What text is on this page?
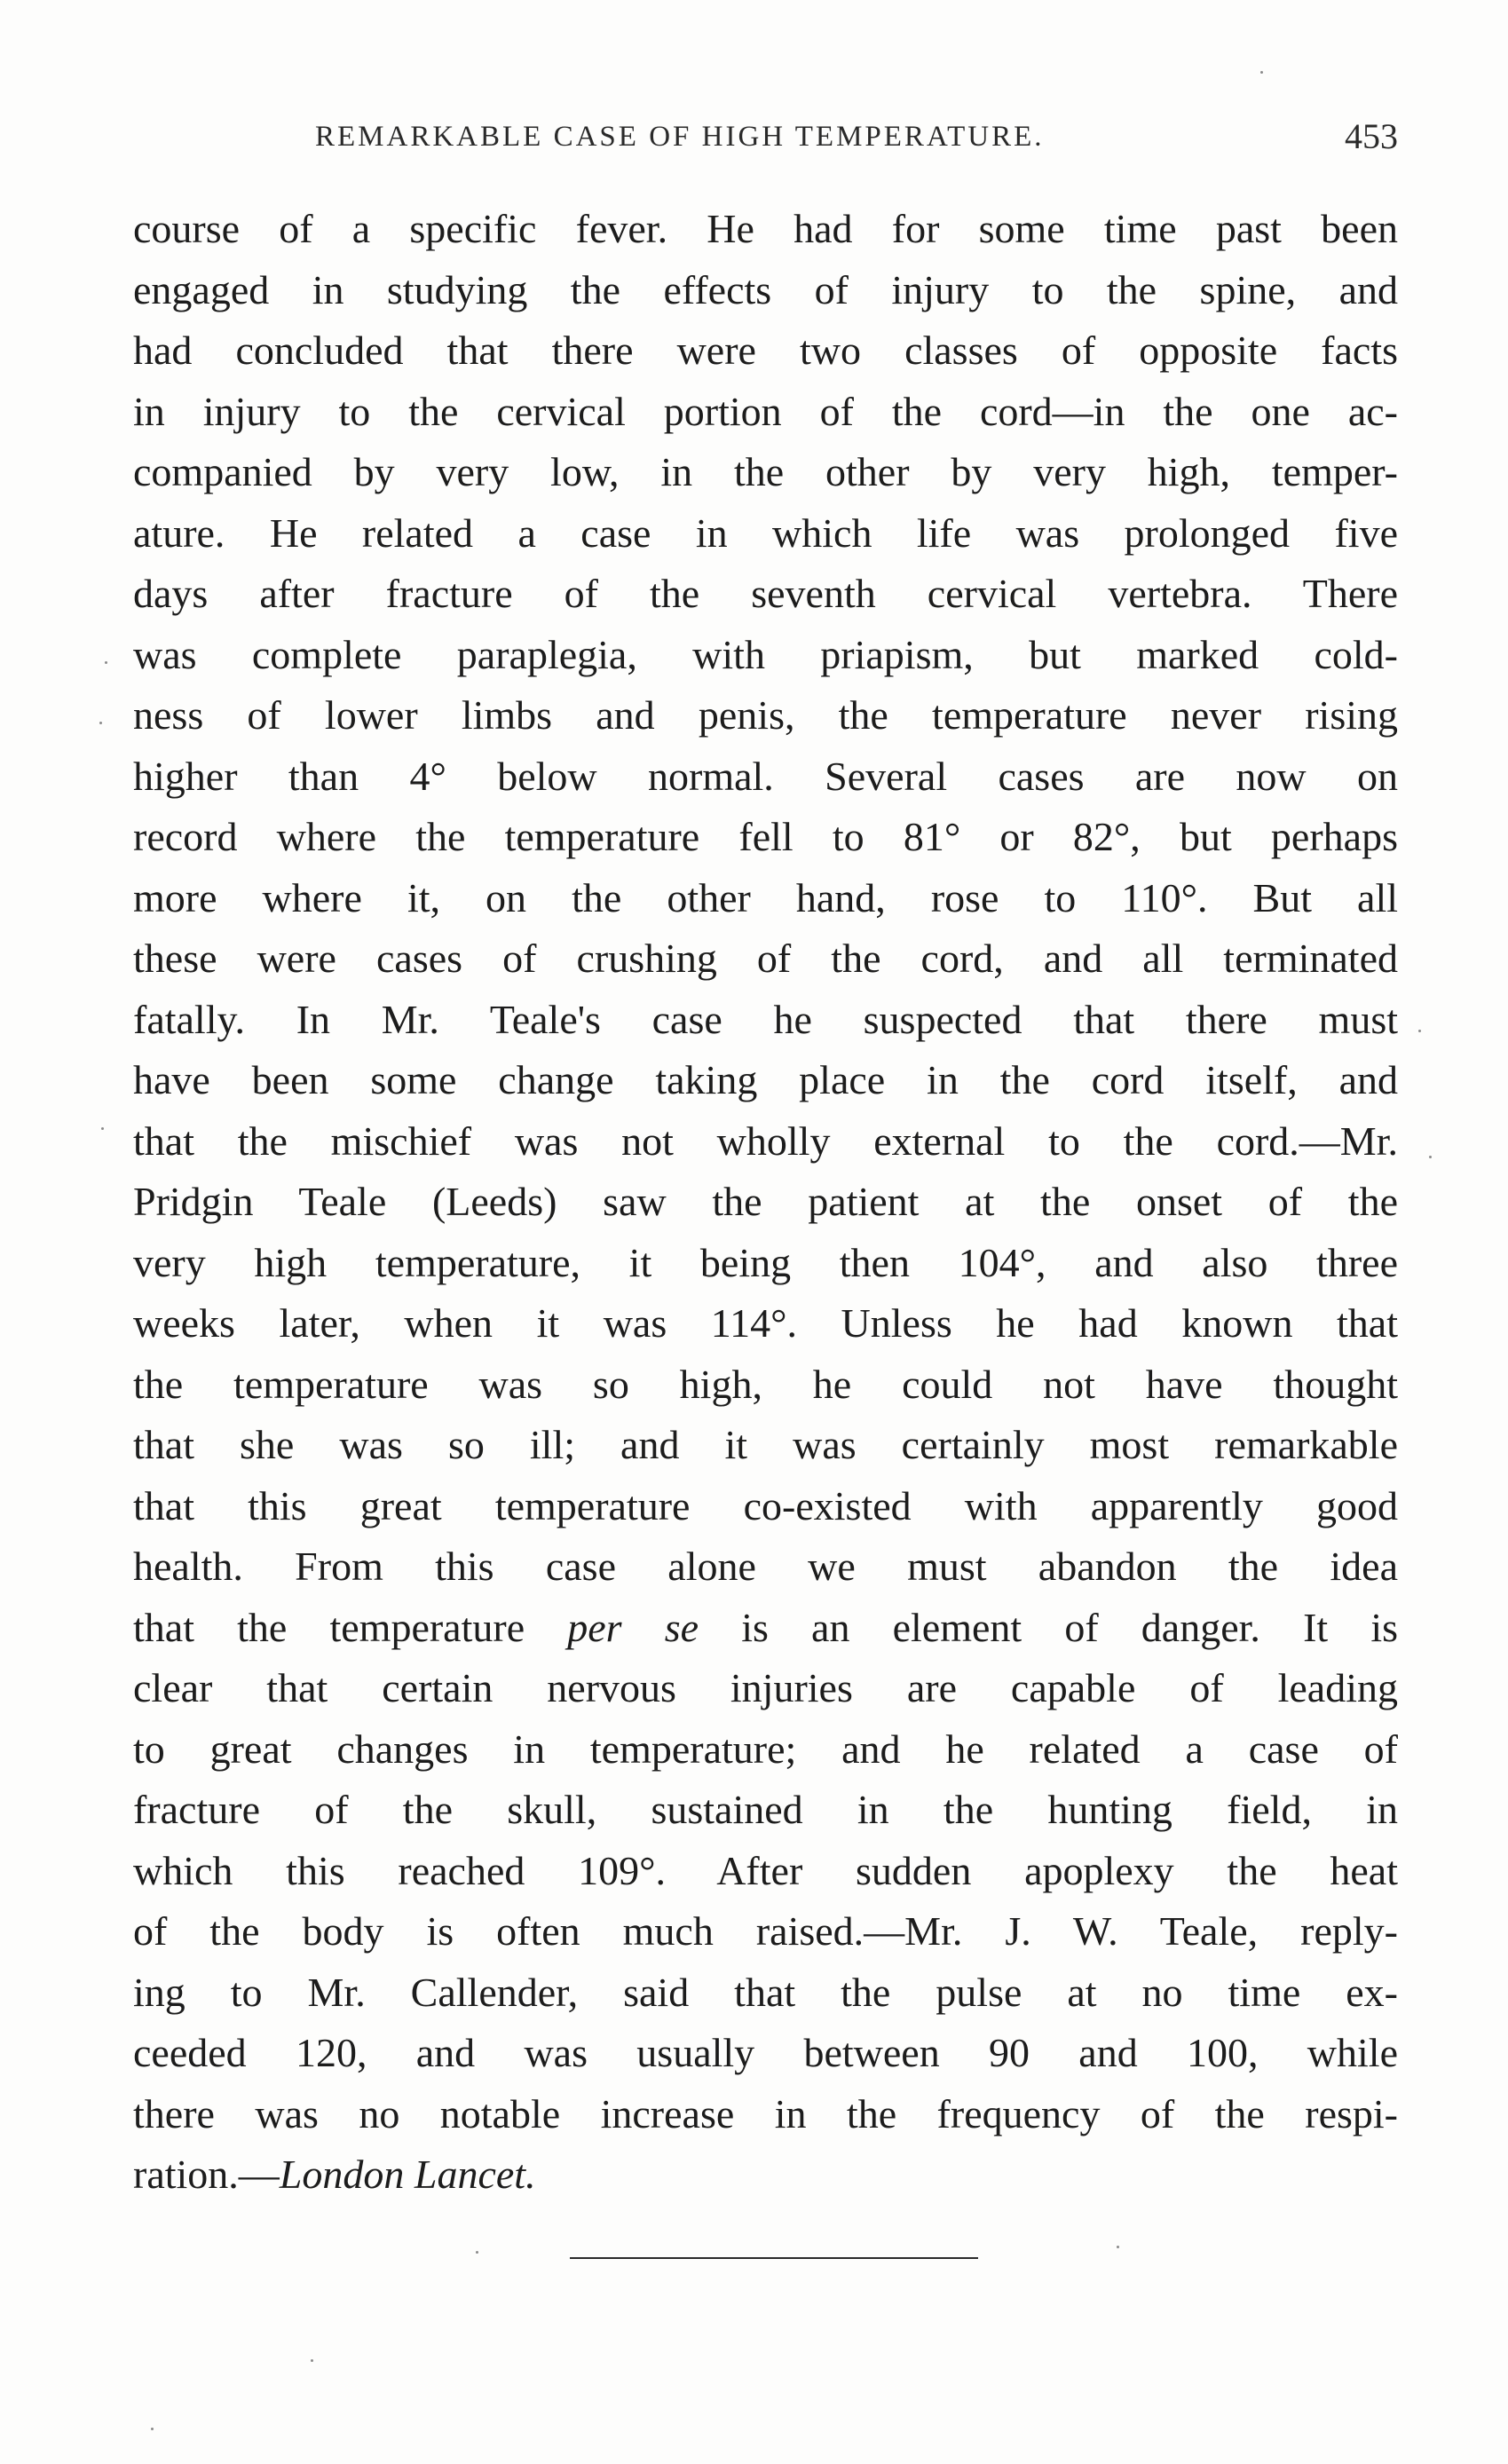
REMARKABLE CASE OF HIGH TEMPERATURE.	453
course of a specific fever. He had for some time past been
engaged in studying the effects of injury to the spine, and
had concluded that there were two classes of opposite facts
in injury to the cervical portion of the cord—in the one ac-
companied by very low, in the other by very high, temper-
ature. He related a case in which life was prolonged five
days after fracture of the seventh cervical vertebra. There
was complete paraplegia, with priapism, but marked cold-
ness of lower limbs and penis, the temperature never rising
higher than 4° below normal. Several cases are now on
record where the temperature fell to 81° or 82°, but perhaps
more where it, on the other hand, rose to 110°. But all
these were cases of crushing of the cord, and all terminated
fatally. In Mr. Teale's case he suspected that there must
have been some change taking place in the cord itself, and
that the mischief was not wholly external to the cord.—Mr.
Pridgin Teale (Leeds) saw the patient at the onset of the
very high temperature, it being then 104°, and also three
weeks later, when it was 114°. Unless he had known that
the temperature was so high, he could not have thought
that she was so ill; and it was certainly most remarkable
that this great temperature co-existed with apparently good
health. From this case alone we must abandon the idea
that the temperature per se is an element of danger. It is
clear that certain nervous injuries are capable of leading
to great changes in temperature; and he related a case of
fracture of the skull, sustained in the hunting field, in
which this reached 109°. After sudden apoplexy the heat
of the body is often much raised.—Mr. J. W. Teale, reply-
ing to Mr. Callender, said that the pulse at no time ex-
ceeded 120, and was usually between 90 and 100, while
there was no notable increase in the frequency of the respi-
ration.—London Lancet.
